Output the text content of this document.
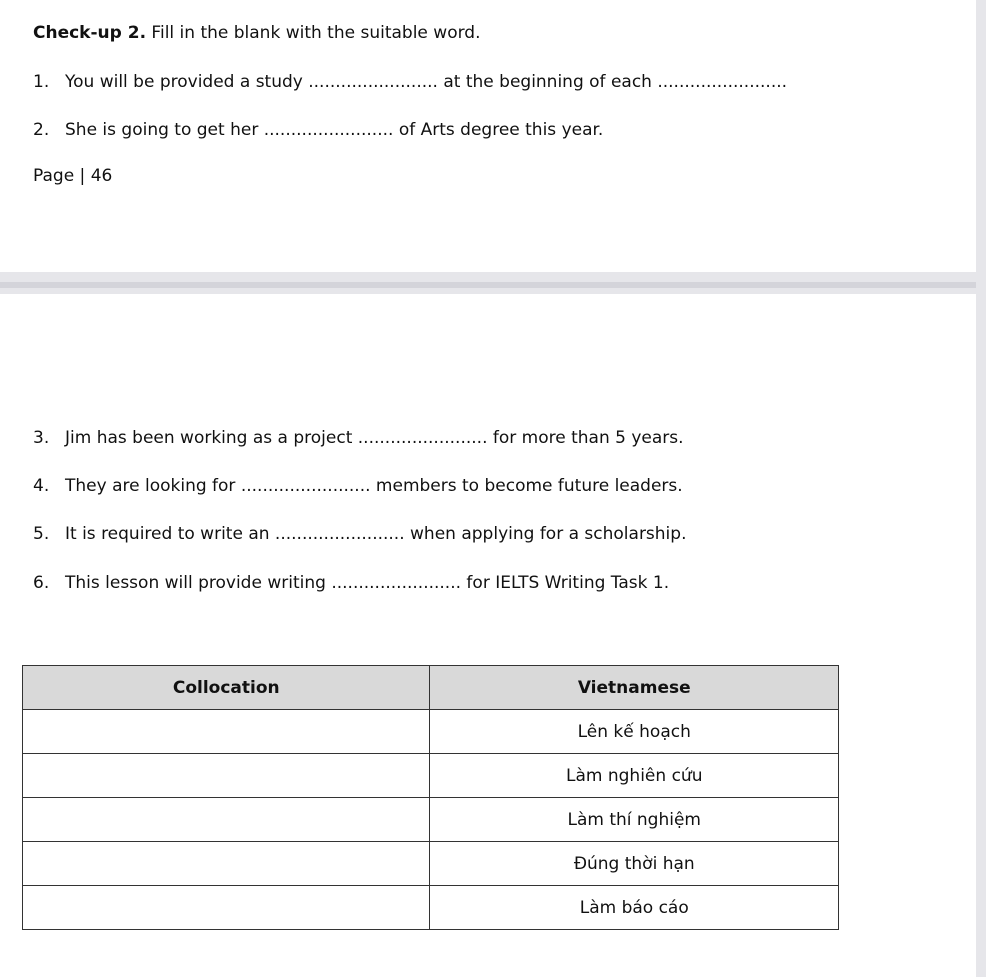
Check-up 2. Fill in the blank with the suitable word.
1. You will be provided a study ........................ at the beginning of each ........................
2. She is going to get her ........................ of Arts degree this year.
Page | 46
3. Jim has been working as a project ........................ for more than 5 years.
4. They are looking for ........................ members to become future leaders.
5. It is required to write an ........................ when applying for a scholarship.
6. This lesson will provide writing ........................ for IELTS Writing Task 1.
Collocation	Vietnamese
	Lên kế hoạch
	Làm nghiên cứu
	Làm thí nghiệm
	Đúng thời hạn
	Làm báo cáo
